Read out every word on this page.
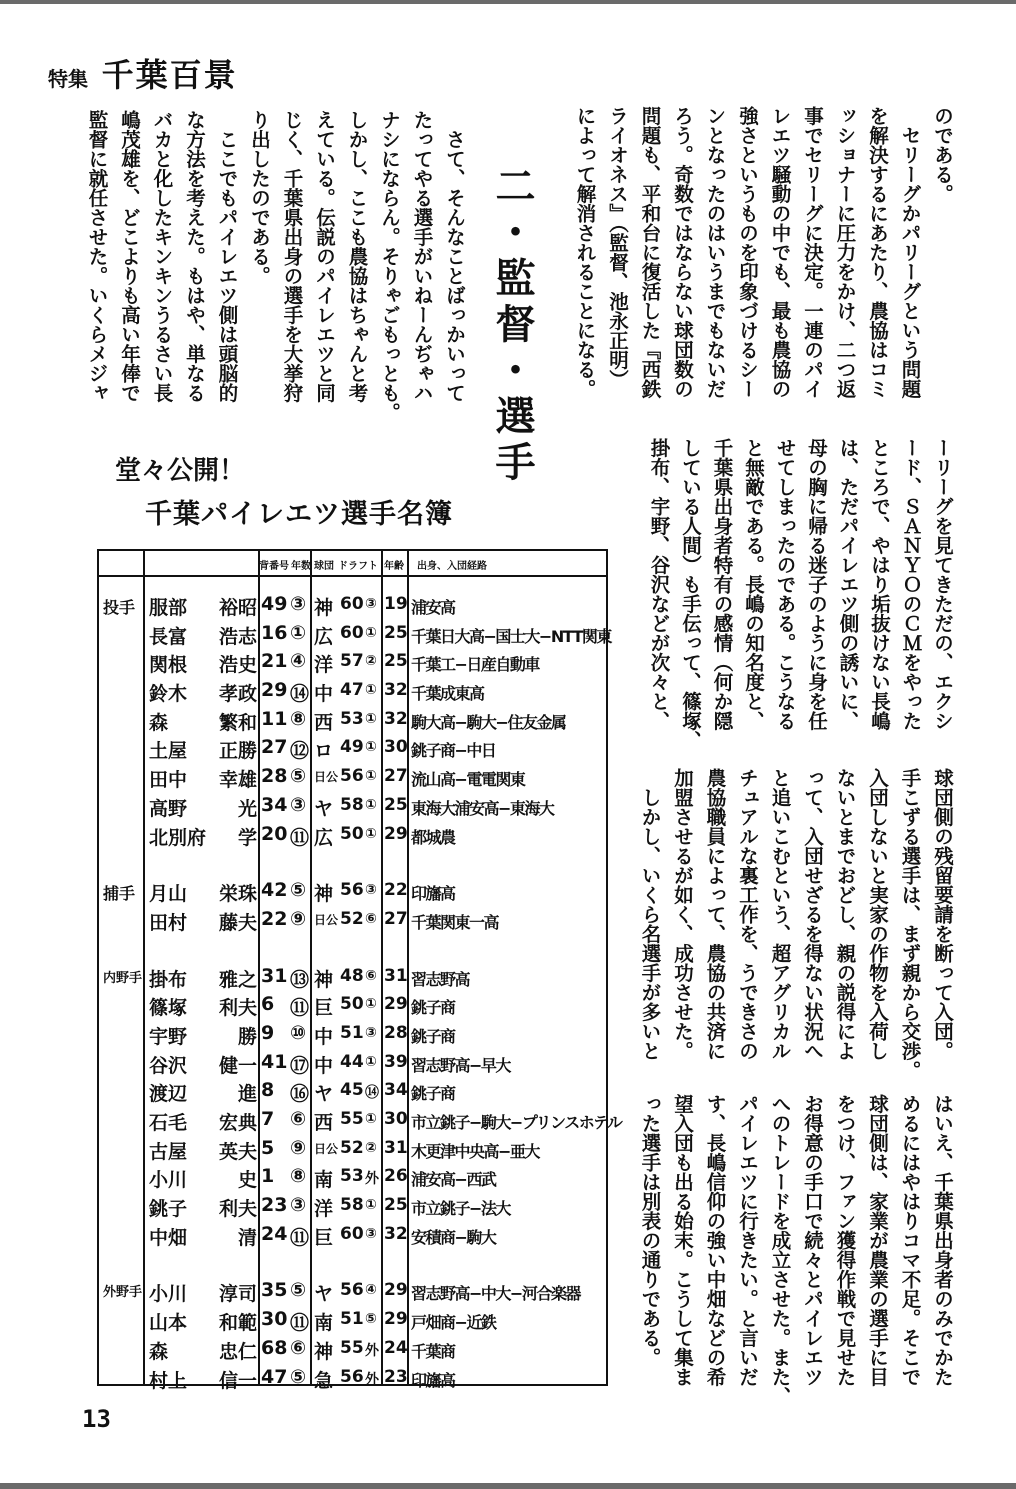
特集 千葉百景
のである。
　セリーグかパリーグという問題
を解決するにあたり、農協はコミ
ッショナーに圧力をかけ、二つ返
事でセリーグに決定。一連のパイ
レエツ騒動の中でも、最も農協の
強さというものを印象づけるシー
ンとなったのはいうまでもないだ
ろう。奇数ではならない球団数の
問題も、平和台に復活した『西鉄
ライオネス』（監督、池永正明）
によって解消されることになる。
二・監督・選手
　さて、そんなことばっかいって
たってやる選手がいねーんぢゃハ
ナシにならん。そりゃごもっとも。
しかし、ここも農協はちゃんと考
えている。伝説のパイレエツと同
じく、千葉県出身の選手を大挙狩
り出したのである。
　ここでもパイレエツ側は頭脳的
な方法を考えた。もはや、単なる
バカと化したキンキンうるさい長
嶋茂雄を、どこよりも高い年俸で
監督に就任させた。いくらメジャ
ーリーグを見てきただの、エクシ
ード、ＳＡＮＹＯのＣＭをやった
ところで、やはり垢抜けない長嶋
は、ただパイレエツ側の誘いに、
母の胸に帰る迷子のように身を任
せてしまったのである。こうなる
と無敵である。長嶋の知名度と、
千葉県出身者特有の感情（何か隠
している人間）も手伝って、篠塚、
掛布、宇野、谷沢などが次々と、
球団側の残留要請を断って入団。
手こずる選手は、まず親から交渉。
入団しないと実家の作物を入荷し
ないとまでおどし、親の説得によ
って、入団せざるを得ない状況へ
と追いこむという、超アグリカル
チュアルな裏工作を、うできさの
農協職員によって、農協の共済に
加盟させるが如く、成功させた。
　しかし、いくら名選手が多いと
はいえ、千葉県出身者のみでかた
めるにはやはりコマ不足。そこで
球団側は、家業が農業の選手に目
をつけ、ファン獲得作戦で見せた
お得意の手口で続々とパイレエツ
へのトレードを成立させた。また、
パイレエツに行きたい。と言いだ
す、長嶋信仰の強い中畑などの希
望入団も出る始末。こうして集ま
った選手は別表の通りである。
堂々公開！
千葉パイレエツ選手名簿
背番号 年数 球団 ドラフト 年齢 出身、入団経路
投手 服部 裕昭 49 ③ 神 60 ③ 19 浦安高
長富 浩志 16 ① 広 60 ① 25 千葉日大高−国士大−NTT関東
関根 浩史 21 ④ 洋 57 ② 25 千葉工−日産自動車
鈴木 孝政 29 ⑭ 中 47 ① 32 千葉成東高
森	繁和 11 ⑧ 西 53 ① 32 駒大高−駒大−住友金属
土屋 正勝 27 ⑫ ロ 49 ① 30 銚子商−中日
田中 幸雄 28 ⑤ 日公 56 ① 27 流山高−電電関東
高野	光 34 ③ ヤ 58 ① 25 東海大浦安高−東海大
北別府 学 20 ⑪ 広 50 ① 29 都城農
捕手 月山 栄珠 42 ⑤ 神 56 ③ 22 印旛高
田村 藤夫 22 ⑨ 日公 52 ⑥ 27 千葉関東一高
内野手 掛布 雅之 31 ⑬ 神 48 ⑥ 31 習志野高
篠塚 利夫 6 ⑪ 巨 50 ① 29 銚子商
宇野	勝 9 ⑩ 中 51 ③ 28 銚子商
谷沢 健一 41 ⑰ 中 44 ① 39 習志野高−早大
渡辺	進 8 ⑯ ヤ 45 ⑭ 34 銚子商
石毛 宏典 7 ⑥ 西 55 ① 30 市立銚子−駒大−プリンスホテル
古屋 英夫 5 ⑨ 日公 52 ② 31 木更津中央高−亜大
小川	史 1 ⑧ 南 53 外 26 浦安高−西武
銚子 利夫 23 ③ 洋 58 ① 25 市立銚子−法大
中畑	清 24 ⑪ 巨 60 ③ 32 安積商−駒大
外野手 小川 淳司 35 ⑤ ヤ 56 ④ 29 習志野高−中大−河合楽器
山本 和範 30 ⑪ 南 51 ⑤ 29 戸畑商−近鉄
森	忠仁 68 ⑥ 神 55 外 24 千葉商
村上 信一 47 ⑤ 急 56 外 23 印旛高
13
